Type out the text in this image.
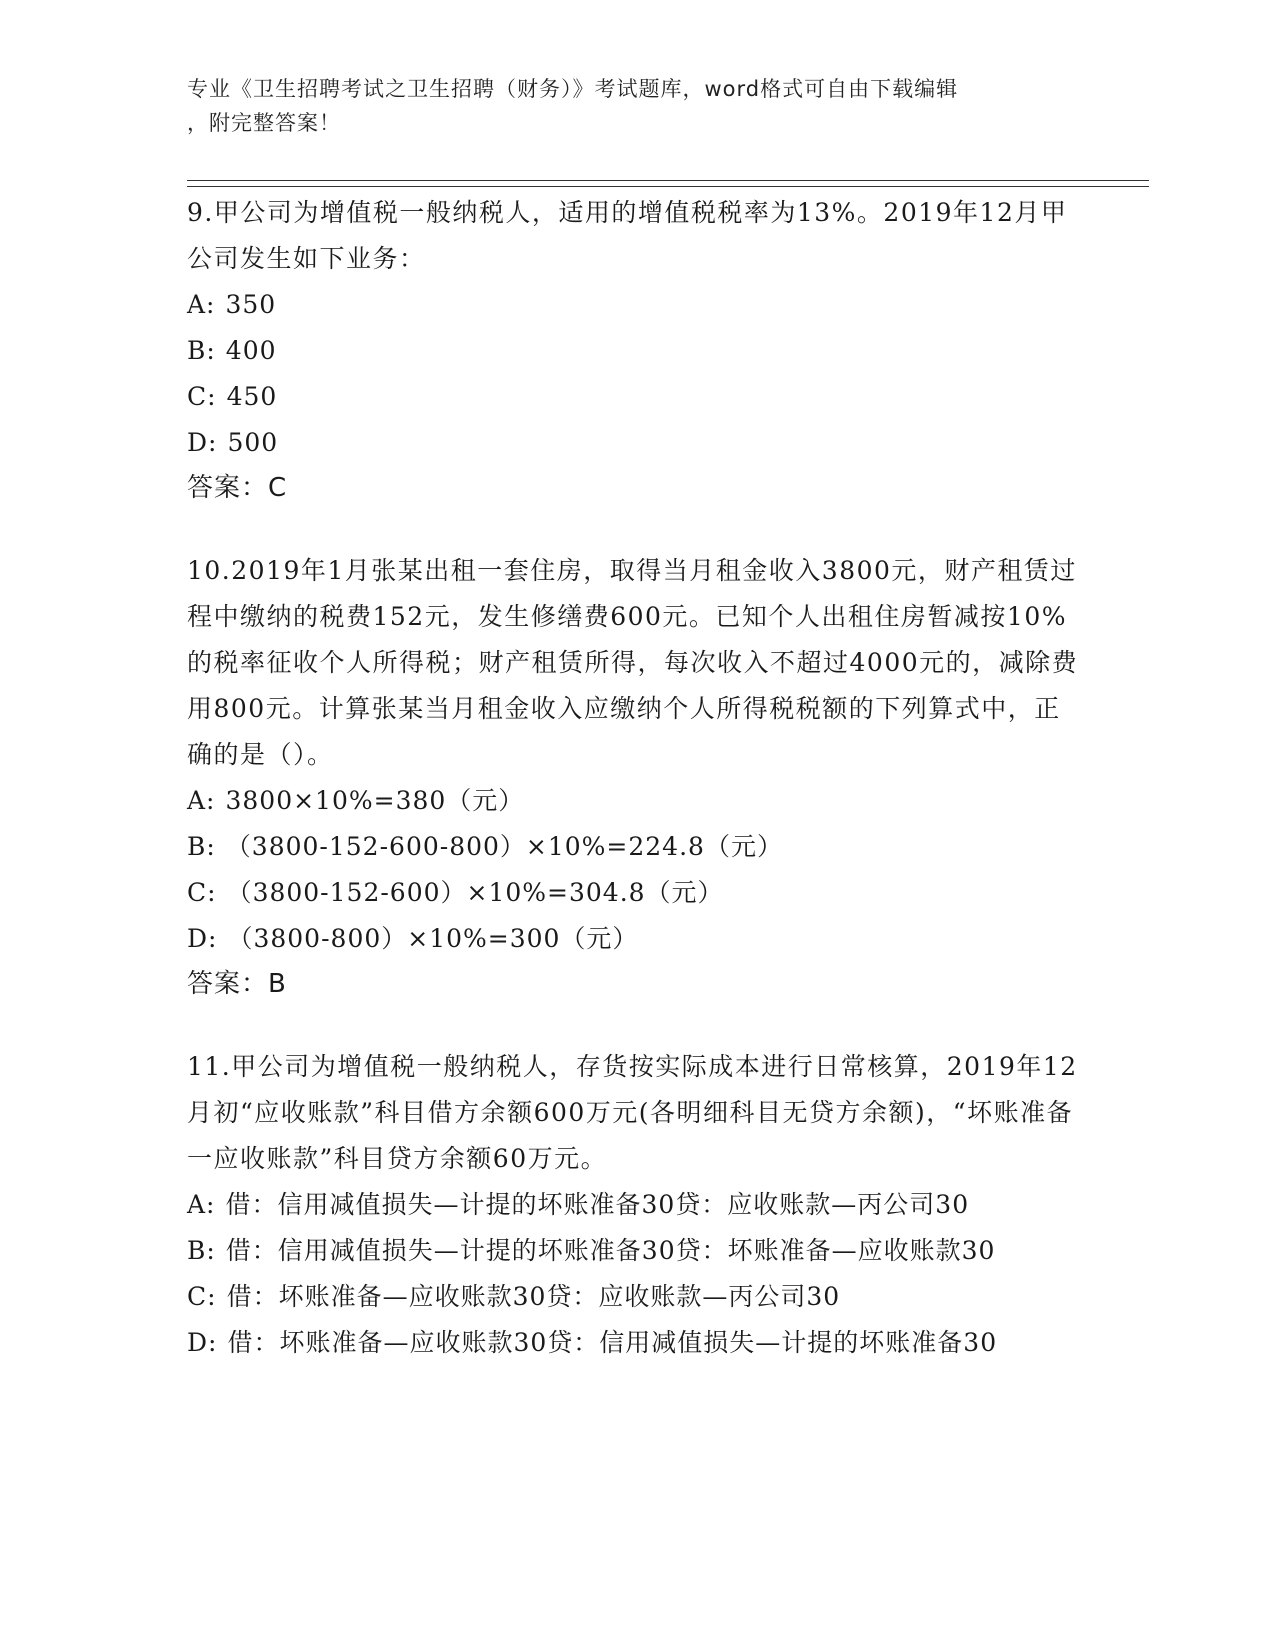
专业《卫生招聘考试之卫生招聘（财务）》考试题库，word格式可自由下载编辑
，附完整答案！

9.甲公司为增值税一般纳税人，适用的增值税税率为13%。2019年12月甲公司发生如下业务：

A: 350

B: 400

C: 450

D: 500

答案：C

10.2019年1月张某出租一套住房，取得当月租金收入3800元，财产租赁过程中缴纳的税费152元，发生修缮费600元。已知个人出租住房暂减按10%的税率征收个人所得税；财产租赁所得，每次收入不超过4000元的，减除费用800元。计算张某当月租金收入应缴纳个人所得税税额的下列算式中，正确的是（）。

A: 3800×10%=380（元）

B: （3800-152-600-800）×10%=224.8（元）

C: （3800-152-600）×10%=304.8（元）

D: （3800-800）×10%=300（元）

答案：B

11.甲公司为增值税一般纳税人，存货按实际成本进行日常核算，2019年12月初“应收账款”科目借方余额600万元(各明细科目无贷方余额)，“坏账准备一应收账款”科目贷方余额60万元。

A: 借：信用减值损失—计提的坏账准备30贷：应收账款—丙公司30

B: 借：信用减值损失—计提的坏账准备30贷：坏账准备—应收账款30

C: 借：坏账准备—应收账款30贷：应收账款—丙公司30

D: 借：坏账准备—应收账款30贷：信用减值损失—计提的坏账准备30
